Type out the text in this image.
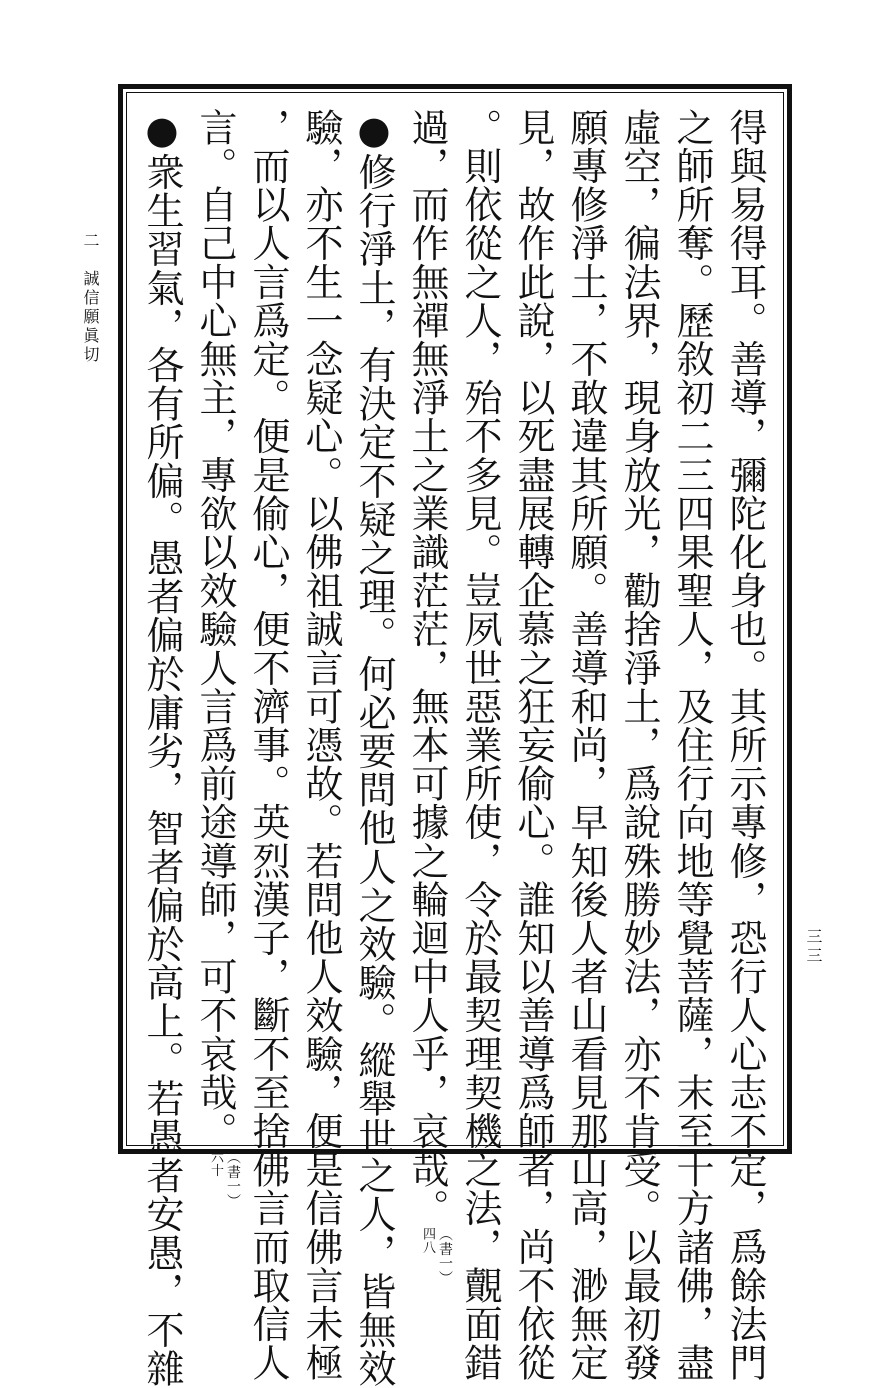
二
誠信願眞切
三三
得與易得耳。善導，彌陀化身也。其所示專修，恐行人心志不定，爲餘法門
之師所奪。歷敘初二三四果聖人，及住行向地等覺菩薩，末至十方諸佛，盡
虛空，徧法界，現身放光，勸捨淨土，爲說殊勝妙法，亦不肯受。以最初發
願專修淨土，不敢違其所願。善導和尚，早知後人者山看見那山高，渺無定
見，故作此說，以死盡展轉企慕之狂妄偷心。誰知以善導爲師者，尚不依從
。則依從之人，殆不多見。豈夙世惡業所使，令於最契理契機之法，覿面錯
過，而作無禪無淨土之業識茫茫，無本可據之輪迴中人乎，哀哉。（書一）
四八
●修行淨土，有決定不疑之理。何必要問他人之效驗。縱舉世之人，皆無效
驗，亦不生一念疑心。以佛祖誠言可憑故。若問他人效驗，便是信佛言未極
，而以人言爲定。便是偷心，便不濟事。英烈漢子，斷不至捨佛言而取信人
言。自己中心無主，專欲以效驗人言爲前途導師，可不哀哉。（書一）
六十
●衆生習氣，各有所偏。愚者偏於庸劣，智者偏於高上。若愚者安愚，不雜
